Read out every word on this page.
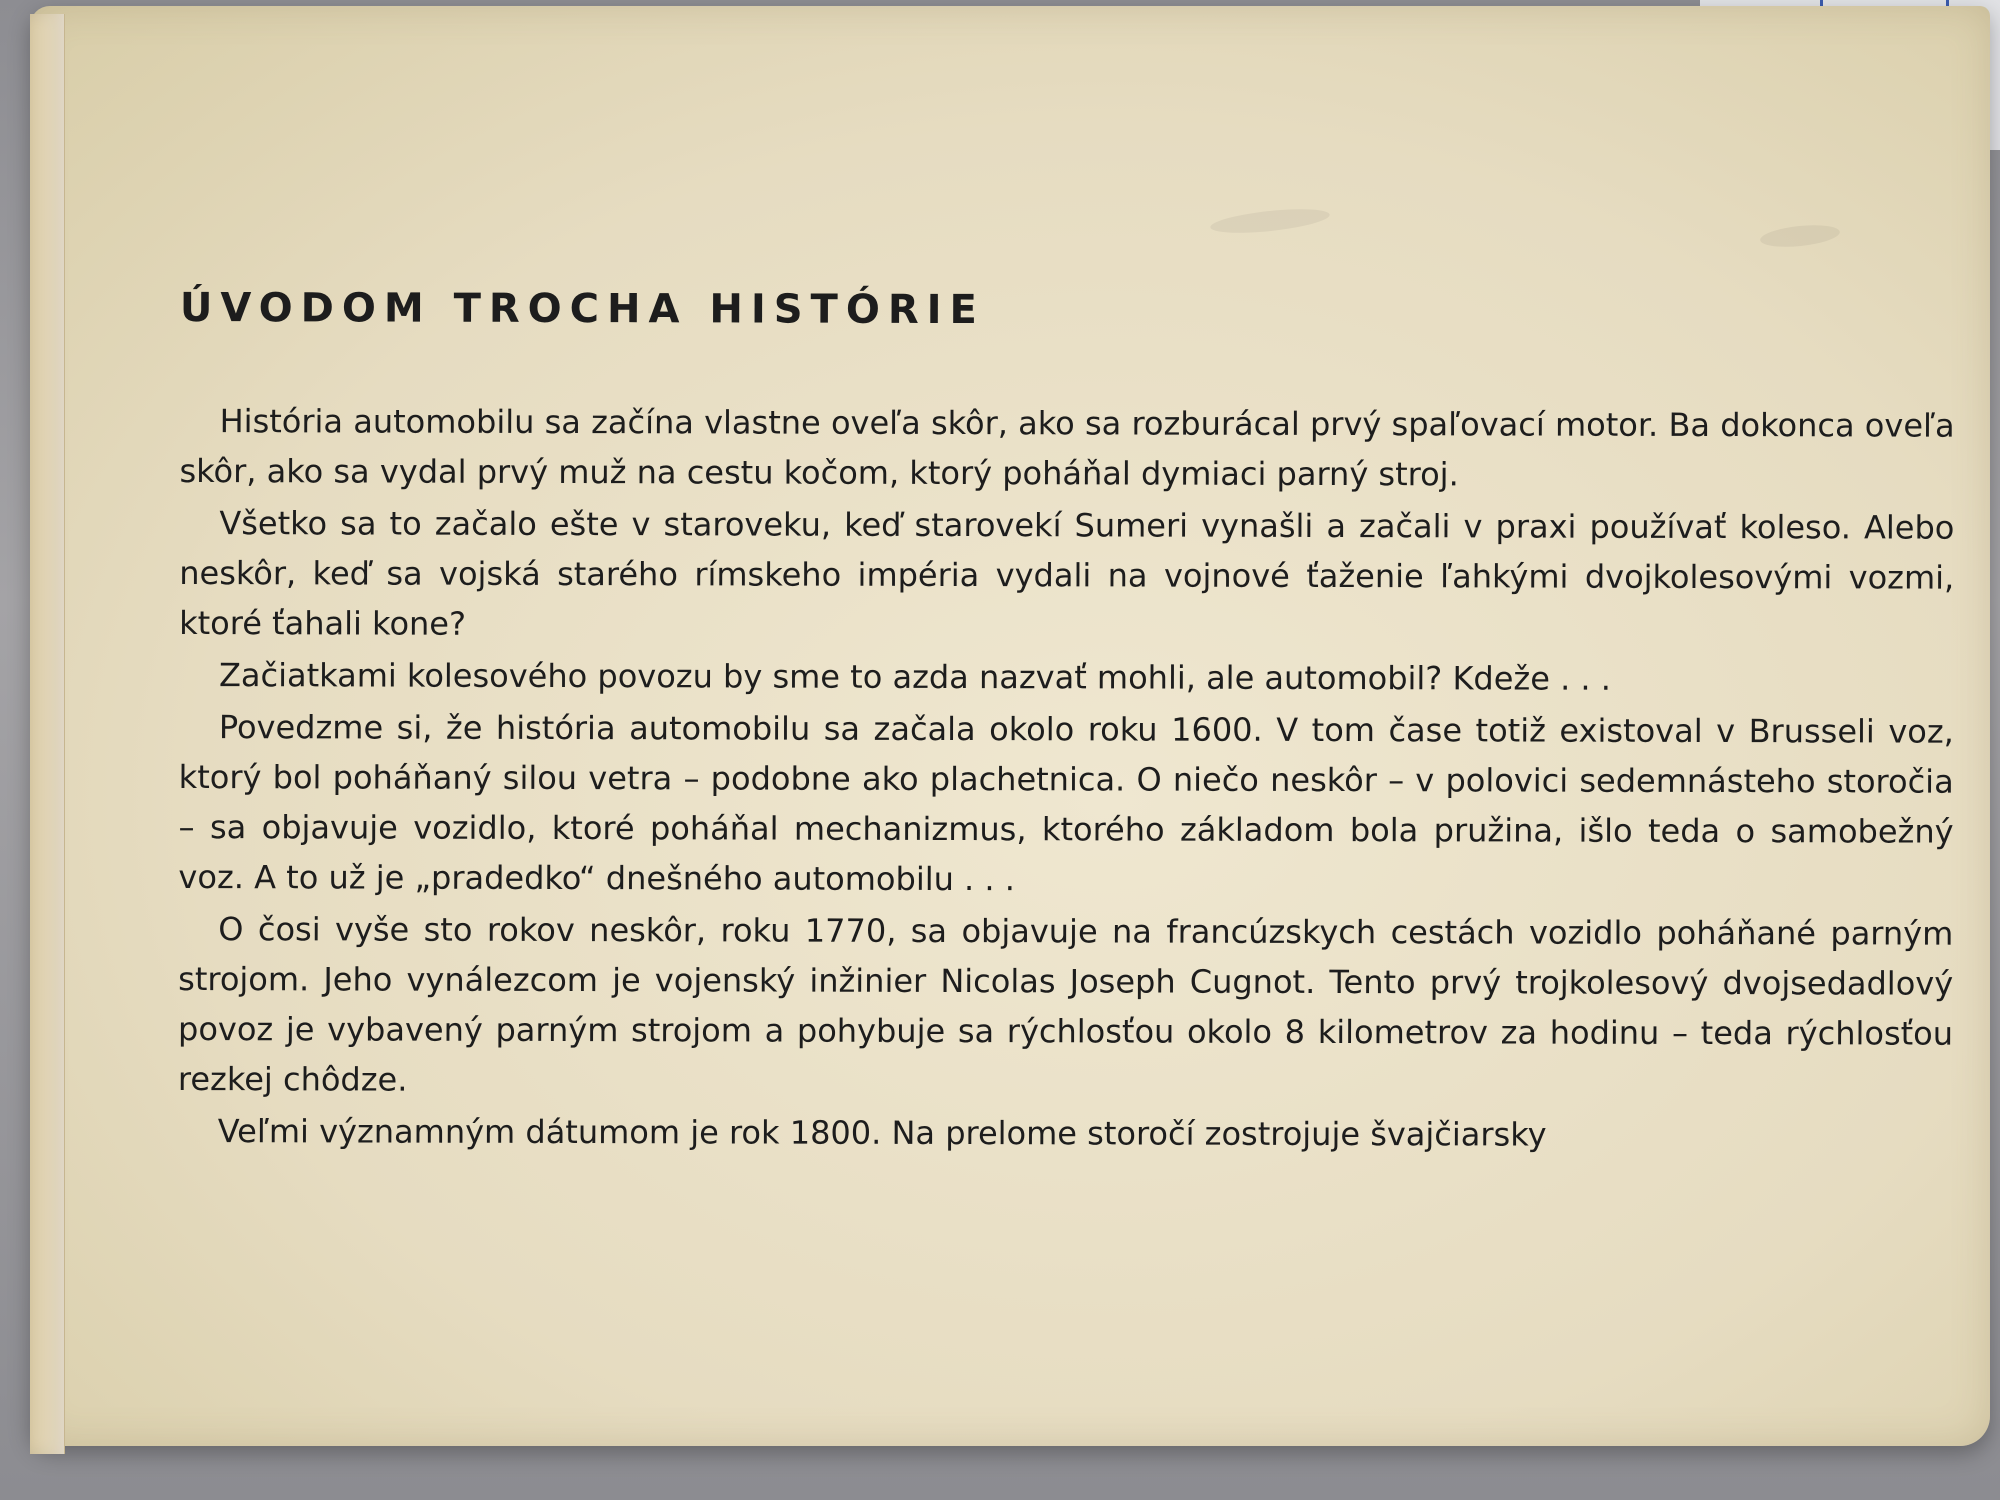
ÚVODOM TROCHA HISTÓRIE

História automobilu sa začína vlastne oveľa skôr, ako sa rozburácal prvý spaľovací motor. Ba dokonca oveľa skôr, ako sa vydal prvý muž na cestu kočom, ktorý poháňal dymiaci parný stroj.

Všetko sa to začalo ešte v staroveku, keď starovekí Sumeri vynašli a začali v praxi používať koleso. Alebo neskôr, keď sa vojská starého rímskeho impéria vydali na vojnové ťaženie ľahkými dvojkolesovými vozmi, ktoré ťahali kone?

Začiatkami kolesového povozu by sme to azda nazvať mohli, ale automobil? Kdeže . . .

Povedzme si, že história automobilu sa začala okolo roku 1600. V tom čase totiž existoval v Brusseli voz, ktorý bol poháňaný silou vetra – podobne ako plachetnica. O niečo neskôr – v polovici sedemnásteho storočia – sa objavuje vozidlo, ktoré poháňal mechanizmus, ktorého základom bola pružina, išlo teda o samobežný voz. A to už je „pradedko“ dnešného automobilu . . .

O čosi vyše sto rokov neskôr, roku 1770, sa objavuje na francúzskych cestách vozidlo poháňané parným strojom. Jeho vynálezcom je vojenský inžinier Nicolas Joseph Cugnot. Tento prvý trojkolesový dvojsedadlový povoz je vybavený parným strojom a pohybuje sa rýchlosťou okolo 8 kilometrov za hodinu – teda rýchlosťou rezkej chôdze.

Veľmi významným dátumom je rok 1800. Na prelome storočí zostrojuje švajčiarsky
